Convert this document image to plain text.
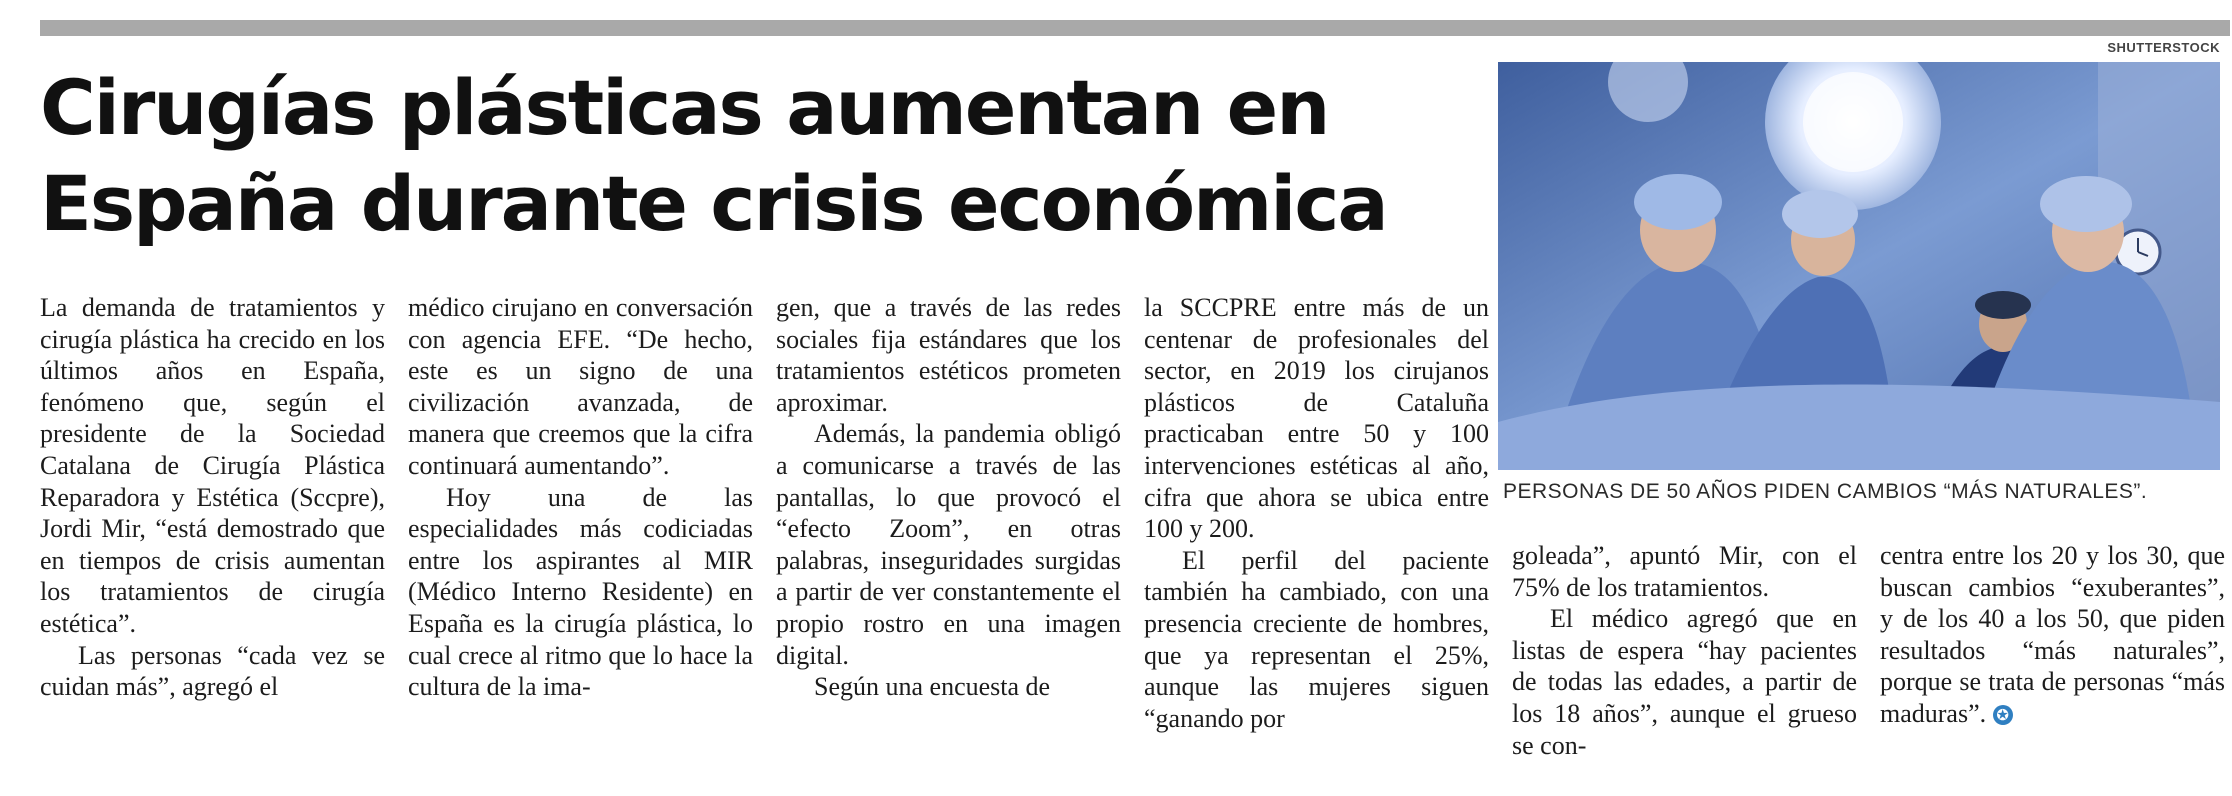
Cirugías plásticas aumentan en
España durante crisis económica

La demanda de tratamientos y cirugía plástica ha crecido en los últimos años en España, fenómeno que, según el presidente de la Sociedad Catalana de Cirugía Plástica Reparadora y Estética (Sccpre), Jordi Mir, “está demostrado que en tiempos de crisis aumentan los tratamientos de cirugía estética”.

Las personas “cada vez se cuidan más”, agregó el

médico cirujano en conversación con agencia EFE. “De hecho, este es un signo de una civilización avanzada, de manera que creemos que la cifra continuará aumentando”.

Hoy una de las especialidades más codiciadas entre los aspirantes al MIR (Médico Interno Residente) en España es la cirugía plástica, lo cual crece al ritmo que lo hace la cultura de la ima-

gen, que a través de las redes sociales fija estándares que los tratamientos estéticos prometen aproximar.

Además, la pandemia obligó a comunicarse a través de las pantallas, lo que provocó el “efecto Zoom”, en otras palabras, inseguridades surgidas a partir de ver constantemente el propio rostro en una imagen digital.

Según una encuesta de

la SCCPRE entre más de un centenar de profesionales del sector, en 2019 los cirujanos plásticos de Cataluña practicaban entre 50 y 100 intervenciones estéticas al año, cifra que ahora se ubica entre 100 y 200.

El perfil del paciente también ha cambiado, con una presencia creciente de hombres, que ya representan el 25%, aunque las mujeres siguen “ganando por

goleada”, apuntó Mir, con el 75% de los tratamientos.

El médico agregó que en listas de espera “hay pacientes de todas las edades, a partir de los 18 años”, aunque el grueso se con-

centra entre los 20 y los 30, que buscan cambios “exuberantes”, y de los 40 a los 50, que piden resultados “más naturales”, porque se trata de personas “más maduras”. ✪

SHUTTERSTOCK
PERSONAS DE 50 AÑOS PIDEN CAMBIOS “MÁS NATURALES”.
